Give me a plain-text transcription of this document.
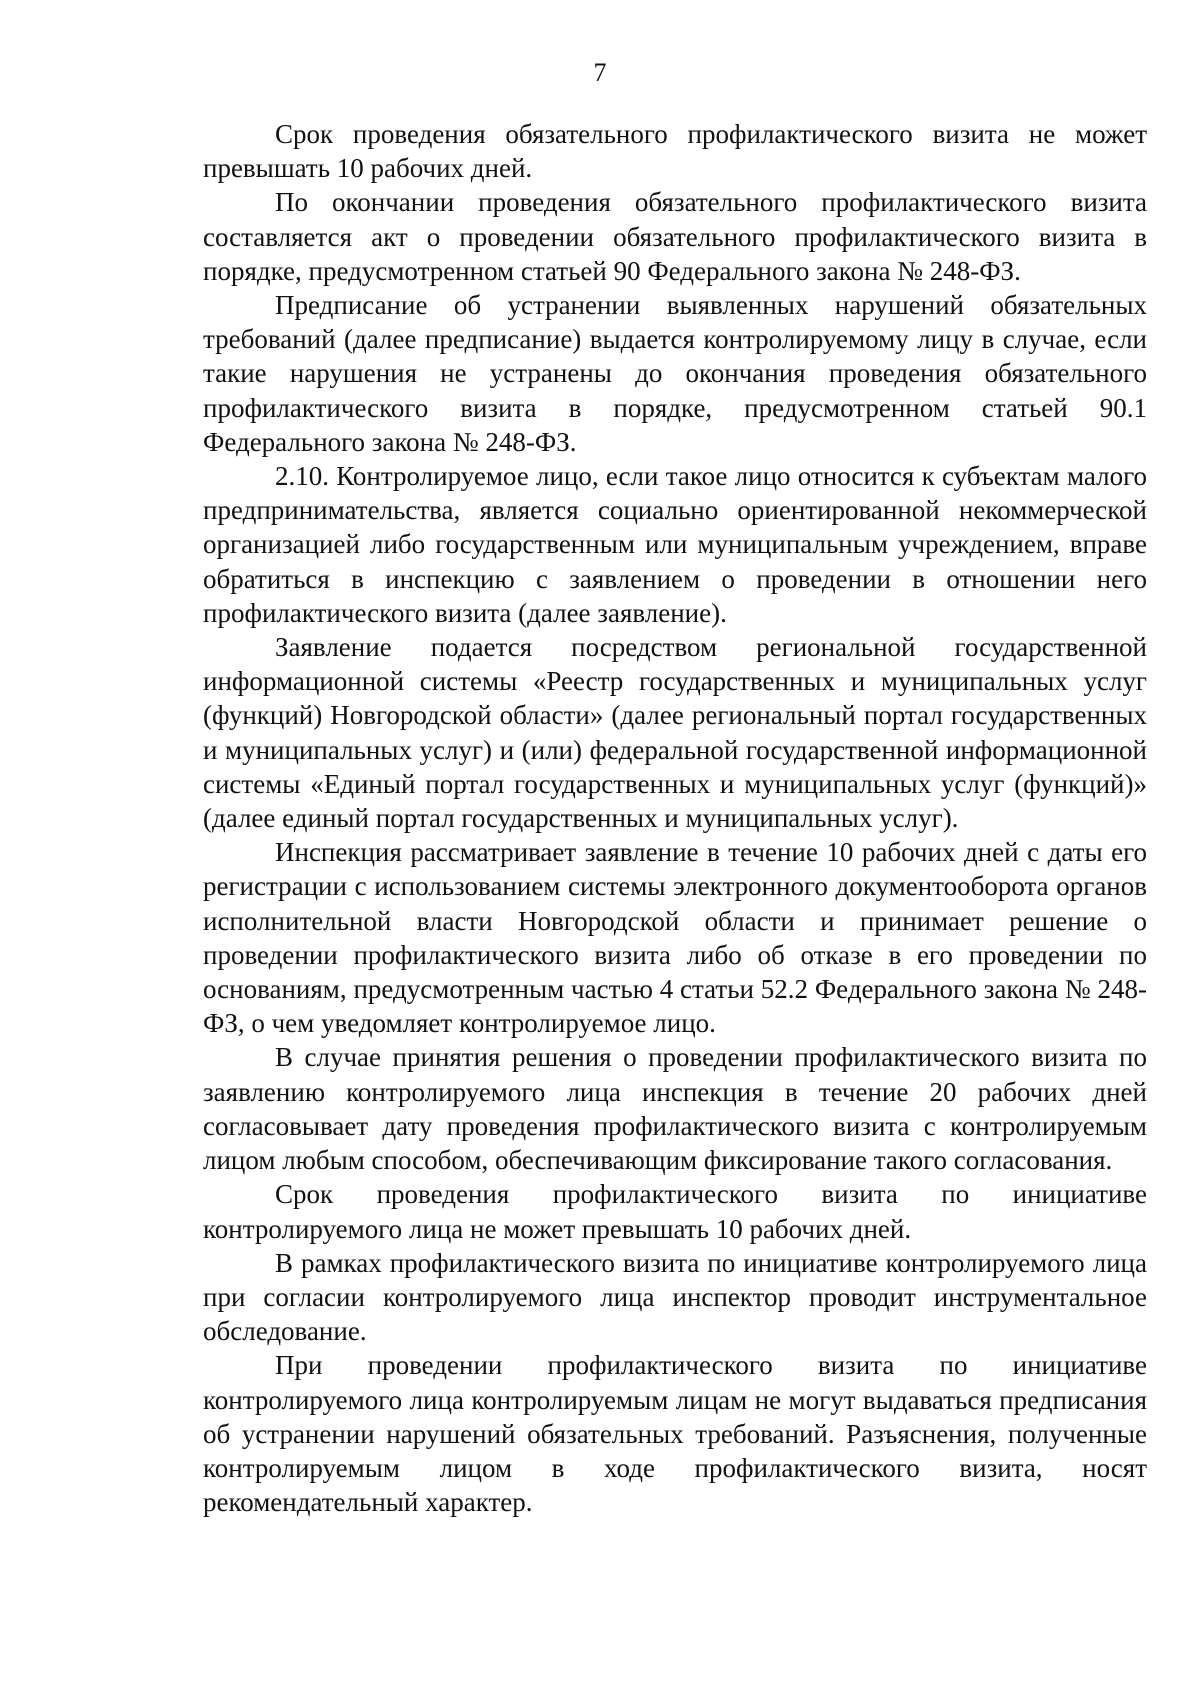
7

Срок проведения обязательного профилактического визита не может превышать 10 рабочих дней.

По окончании проведения обязательного профилактического визита составляется акт о проведении обязательного профилактического визита в порядке, предусмотренном статьей 90 Федерального закона № 248-ФЗ.

Предписание об устранении выявленных нарушений обязательных требований (далее предписание) выдается контролируемому лицу в случае, если такие нарушения не устранены до окончания проведения обязательного профилактического визита в порядке, предусмотренном статьей 90.1 Федерального закона № 248-ФЗ.

2.10. Контролируемое лицо, если такое лицо относится к субъектам малого предпринимательства, является социально ориентированной некоммерческой организацией либо государственным или муниципальным учреждением, вправе обратиться в инспекцию с заявлением о проведении в отношении него профилактического визита (далее заявление).

Заявление подается посредством региональной государственной информационной системы «Реестр государственных и муниципальных услуг (функций) Новгородской области» (далее региональный портал государственных и муниципальных услуг) и (или) федеральной государственной информационной системы «Единый портал государственных и муниципальных услуг (функций)» (далее единый портал государственных и муниципальных услуг).

Инспекция рассматривает заявление в течение 10 рабочих дней с даты его регистрации с использованием системы электронного документооборота органов исполнительной власти Новгородской области и принимает решение о проведении профилактического визита либо об отказе в его проведении по основаниям, предусмотренным частью 4 статьи 52.2 Федерального закона № 248-ФЗ, о чем уведомляет контролируемое лицо.

В случае принятия решения о проведении профилактического визита по заявлению контролируемого лица инспекция в течение 20 рабочих дней согласовывает дату проведения профилактического визита с контролируемым лицом любым способом, обеспечивающим фиксирование такого согласования.

Срок проведения профилактического визита по инициативе контролируемого лица не может превышать 10 рабочих дней.

В рамках профилактического визита по инициативе контролируемого лица при согласии контролируемого лица инспектор проводит инструментальное обследование.

При проведении профилактического визита по инициативе контролируемого лица контролируемым лицам не могут выдаваться предписания об устранении нарушений обязательных требований. Разъяснения, полученные контролируемым лицом в ходе профилактического визита, носят рекомендательный характер.
